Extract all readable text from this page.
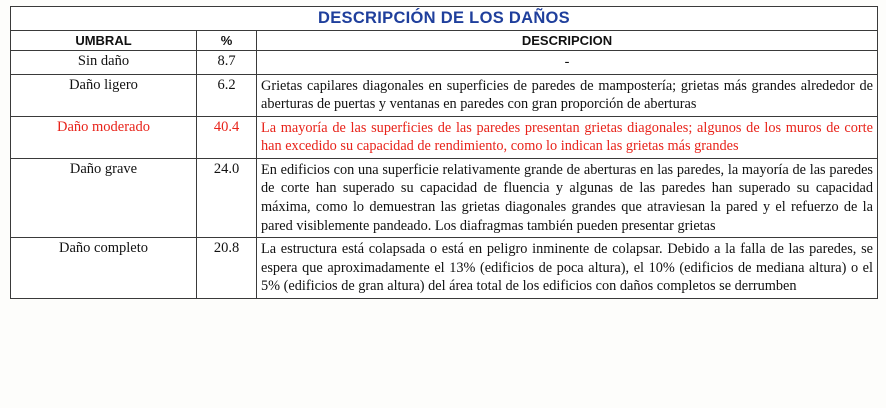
DESCRIPCIÓN DE LOS DAÑOS		
UMBRAL	%	DESCRIPCION
Sin daño	8.7	-
Daño ligero	6.2	Grietas capilares diagonales en superficies de paredes de mampostería; grietas más grandes alrededor de aberturas de puertas y ventanas en paredes con gran proporción de aberturas
Daño moderado	40.4	La mayoría de las superficies de las paredes presentan grietas diagonales; algunos de los muros de corte han excedido su capacidad de rendimiento, como lo indican las grietas más grandes
Daño grave	24.0	En edificios con una superficie relativamente grande de aberturas en las paredes, la mayoría de las paredes de corte han superado su capacidad de fluencia y algunas de las paredes han superado su capacidad máxima, como lo demuestran las grietas diagonales grandes que atraviesan la pared y el refuerzo de la pared visiblemente pandeado. Los diafragmas también pueden presentar grietas
Daño completo	20.8	La estructura está colapsada o está en peligro inminente de colapsar. Debido a la falla de las paredes, se espera que aproximadamente el 13% (edificios de poca altura), el 10% (edificios de mediana altura) o el 5% (edificios de gran altura) del área total de los edificios con daños completos se derrumben
